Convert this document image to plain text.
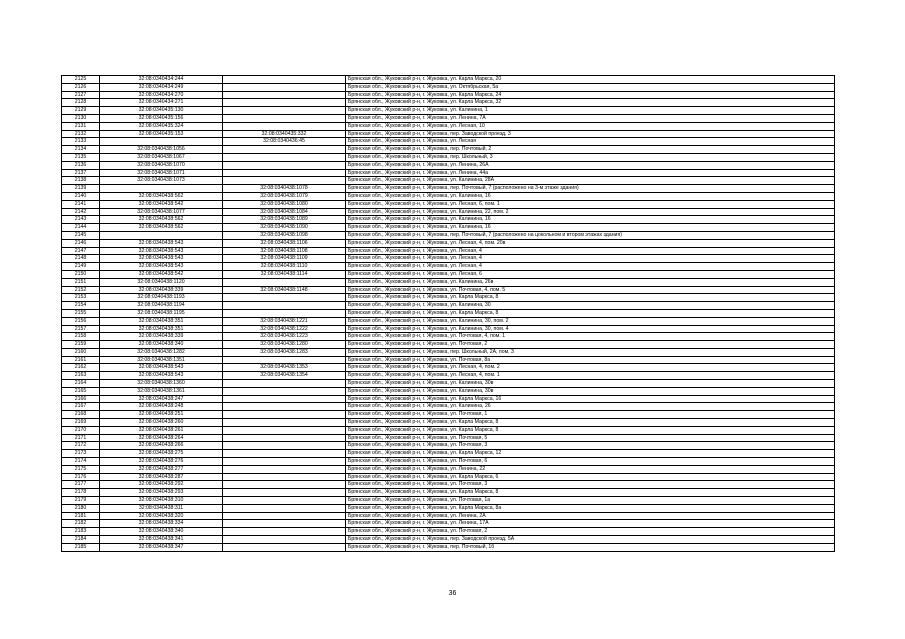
2125	32:08:0340434:244		Брянская обл., Жуковский р-н, г. Жуковка, ул. Карла Маркса, 20
2126	32:08:0340434:249		Брянская обл., Жуковский р-н, г. Жуковка, ул. Октябрьская, 5а
2127	32:08:0340434:270		Брянская обл., Жуковский р-н, г. Жуковка, ул. Карла Маркса, 24
2128	32:08:0340434:271		Брянская обл., Жуковский р-н, г. Жуковка, ул. Карла Маркса, 32
2129	32:08:0340435:130		Брянская обл., Жуковский р-н, г. Жуковка, ул. Калинина, 1
2130	32:08:0340435:156		Брянская обл., Жуковский р-н, г. Жуковка, ул. Ленина, 7А
2131	32:08:0340435:324		Брянская обл., Жуковский р-н, г. Жуковка, ул. Лесная, 10
2132	32:08:0340435:153	32:08:0340435:332	Брянская обл., Жуковский р-н, г. Жуковка, пер. Заводской проезд, 3
2133		32:08:0340436:45	Брянская обл., Жуковский р-н, г. Жуковка, ул. Лесная
2134	32:08:0340438:1056		Брянская обл., Жуковский р-н, г. Жуковка, пер. Почтовый, 2
2135	32:08:0340438:1067		Брянская обл., Жуковский р-н, г. Жуковка, пер. Школьный, 3
2136	32:08:0340438:1070		Брянская обл., Жуковский р-н, г. Жуковка, ул. Ленина, 26А
2137	32:08:0340438:1071		Брянская обл., Жуковский р-н, г. Жуковка, ул. Ленина, 44а
2138	32:08:0340438:1073		Брянская обл., Жуковский р-н, г. Жуковка, ул. Калинина, 28А
2139		32:08:0340438:1078	Брянская обл., Жуковский р-н, г. Жуковка, пер. Почтовый, 7 (расположено на 3-м этаже здания)
2140	32:08:0340438:562	32:08:0340438:1079	Брянская обл., Жуковский р-н, г. Жуковка, ул. Калинина, 16
2141	32:08:0340438:542	32:08:0340438:1080	Брянская обл., Жуковский р-н, г. Жуковка, ул. Лесная, 6, пом. 1
2142	32:08:0340438:1077	32:08:0340438:1084	Брянская обл., Жуковский р-н, г. Жуковка, ул. Калинина, 22, пом. 2
2143	32:08:0340438:562	32:08:0340438:1089	Брянская обл., Жуковский р-н, г. Жуковка, ул. Калинина, 16
2144	32:08:0340438:562	32:08:0340438:1090	Брянская обл., Жуковский р-н, г. Жуковка, ул. Калинина, 16
2145		32:08:0340438:1098	Брянская обл., Жуковский р-н, г. Жуковка, пер. Почтовый, 7 (расположено на цокольном и втором этажах здания)
2146	32:08:0340438:543	32:08:0340438:1106	Брянская обл., Жуковский р-н, г. Жуковка, ул. Лесная, 4, пом. 20в
2147	32:08:0340438:543	32:08:0340438:1108	Брянская обл., Жуковский р-н, г. Жуковка, ул. Лесная, 4
2148	32:08:0340438:543	32:08:0340438:1109	Брянская обл., Жуковский р-н, г. Жуковка, ул. Лесная, 4
2149	32:08:0340438:543	32:08:0340438:1110	Брянская обл., Жуковский р-н, г. Жуковка, ул. Лесная, 4
2150	32:08:0340438:542	32:08:0340438:1114	Брянская обл., Жуковский р-н, г. Жуковка, ул. Лесная, 6
2151	32:08:0340438:1120		Брянская обл., Жуковский р-н, г. Жуковка, ул. Калинина, 26в
2152	32:08:0340438:339	32:08:0340438:1148	Брянская обл., Жуковский р-н, г. Жуковка, ул. Почтовая, 4, пом. 5
2153	32:08:0340438:1193		Брянская обл., Жуковский р-н, г. Жуковка, ул. Карла Маркса, 8
2154	32:08:0340438:1194		Брянская обл., Жуковский р-н, г. Жуковка, ул. Калинина, 30
2155	32:08:0340438:1195		Брянская обл., Жуковский р-н, г. Жуковка, ул. Карла Маркса, 8
2156	32:08:0340438:351	32:08:0340438:1221	Брянская обл., Жуковский р-н, г. Жуковка, ул. Калинина, 30, пом. 2
2157	32:08:0340438:351	32:08:0340438:1222	Брянская обл., Жуковский р-н, г. Жуковка, ул. Калинина, 30, пом. 4
2158	32:08:0340438:339	32:08:0340438:1223	Брянская обл., Жуковский р-н, г. Жуковка, ул. Почтовая, 4, пом. 1
2159	32:08:0340438:340	32:08:0340438:1280	Брянская обл., Жуковский р-н, г. Жуковка, ул. Почтовая, 2
2160	32:08:0340438:1282	32:08:0340438:1283	Брянская обл., Жуковский р-н, г. Жуковка, пер. Школьный, 2А, пом. 3
2161	32:08:0340438:1351		Брянская обл., Жуковский р-н, г. Жуковка, ул. Почтовая, 8а
2162	32:08:0340438:543	32:08:0340438:1353	Брянская обл., Жуковский р-н, г. Жуковка, ул. Лесная, 4, пом. 2
2163	32:08:0340438:543	32:08:0340438:1354	Брянская обл., Жуковский р-н, г. Жуковка, ул. Лесная, 4, пом. 1
2164	32:08:0340438:1360		Брянская обл., Жуковский р-н, г. Жуковка, ул. Калинина, 30в
2165	32:08:0340438:1361		Брянская обл., Жуковский р-н, г. Жуковка, ул. Калинина, 30в
2166	32:08:0340438:247		Брянская обл., Жуковский р-н, г. Жуковка, ул. Карла Маркса, 16
2167	32:08:0340438:248		Брянская обл., Жуковский р-н, г. Жуковка, ул. Калинина, 26
2168	32:08:0340438:251		Брянская обл., Жуковский р-н, г. Жуковка, ул. Почтовая, 1
2169	32:08:0340438:260		Брянская обл., Жуковский р-н, г. Жуковка, ул. Карла Маркса, 8
2170	32:08:0340438:261		Брянская обл., Жуковский р-н, г. Жуковка, ул. Карла Маркса, 8
2171	32:08:0340438:264		Брянская обл., Жуковский р-н, г. Жуковка, ул. Почтовая, 5
2172	32:08:0340438:266		Брянская обл., Жуковский р-н, г. Жуковка, ул. Почтовая, 3
2173	32:08:0340438:275		Брянская обл., Жуковский р-н, г. Жуковка, ул. Карла Маркса, 12
2174	32:08:0340438:276		Брянская обл., Жуковский р-н, г. Жуковка, ул. Почтовая, 6
2175	32:08:0340438:277		Брянская обл., Жуковский р-н, г. Жуковка, ул. Ленина, 22
2176	32:08:0340438:287		Брянская обл., Жуковский р-н, г. Жуковка, ул. Карла Маркса, 6
2177	32:08:0340438:292		Брянская обл., Жуковский р-н, г. Жуковка, ул. Почтовая, 3
2178	32:08:0340438:293		Брянская обл., Жуковский р-н, г. Жуковка, ул. Карла Маркса, 8
2179	32:08:0340438:310		Брянская обл., Жуковский р-н, г. Жуковка, ул. Почтовая, 1а
2180	32:08:0340438:311		Брянская обл., Жуковский р-н, г. Жуковка, ул. Карла Маркса, 8а
2181	32:08:0340438:320		Брянская обл., Жуковский р-н, г. Жуковка, ул. Ленина, 2А
2182	32:08:0340438:334		Брянская обл., Жуковский р-н, г. Жуковка, ул. Ленина, 17А
2183	32:08:0340438:340		Брянская обл., Жуковский р-н, г. Жуковка, ул. Почтовая, 2
2184	32:08:0340438:341		Брянская обл., Жуковский р-н, г. Жуковка, пер. Заводской проезд, 5А
2185	32:08:0340438:347		Брянская обл., Жуковский р-н, г. Жуковка, пер. Почтовый, 1б
36
